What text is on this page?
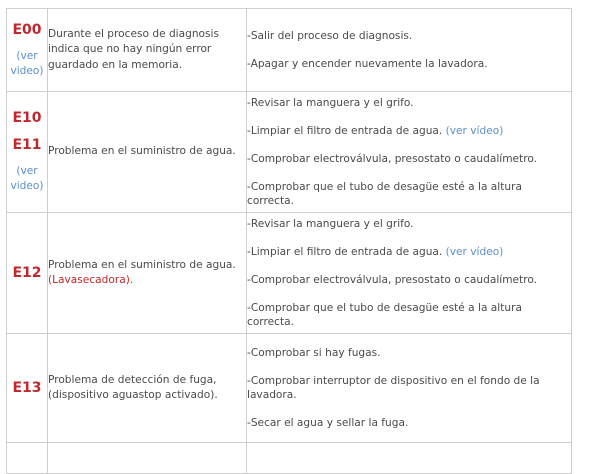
E00
(ver
video)	Durante el proceso de diagnosis
indica que no hay ningún error
guardado en la memoria.	-Salir del proceso de diagnosis.
-Apagar y encender nuevamente la lavadora.

E10
E11
(ver
video)	Problema en el suministro de agua.	-Revisar la manguera y el grifo.
-Limpiar el filtro de entrada de agua. (ver vídeo)
-Comprobar electroválvula, presostato o caudalímetro.
-Comprobar que el tubo de desagüe esté a la altura correcta.

E12	Problema en el suministro de agua.
(Lavasecadora).	-Revisar la manguera y el grifo.
-Limpiar el filtro de entrada de agua. (ver vídeo)
-Comprobar electroválvula, presostato o caudalímetro.
-Comprobar que el tubo de desagüe esté a la altura correcta.

E13	Problema de detección de fuga,
(dispositivo aguastop activado).	-Comprobar si hay fugas.
-Comprobar interruptor de dispositivo en el fondo de la
lavadora.
-Secar el agua y sellar la fuga.
